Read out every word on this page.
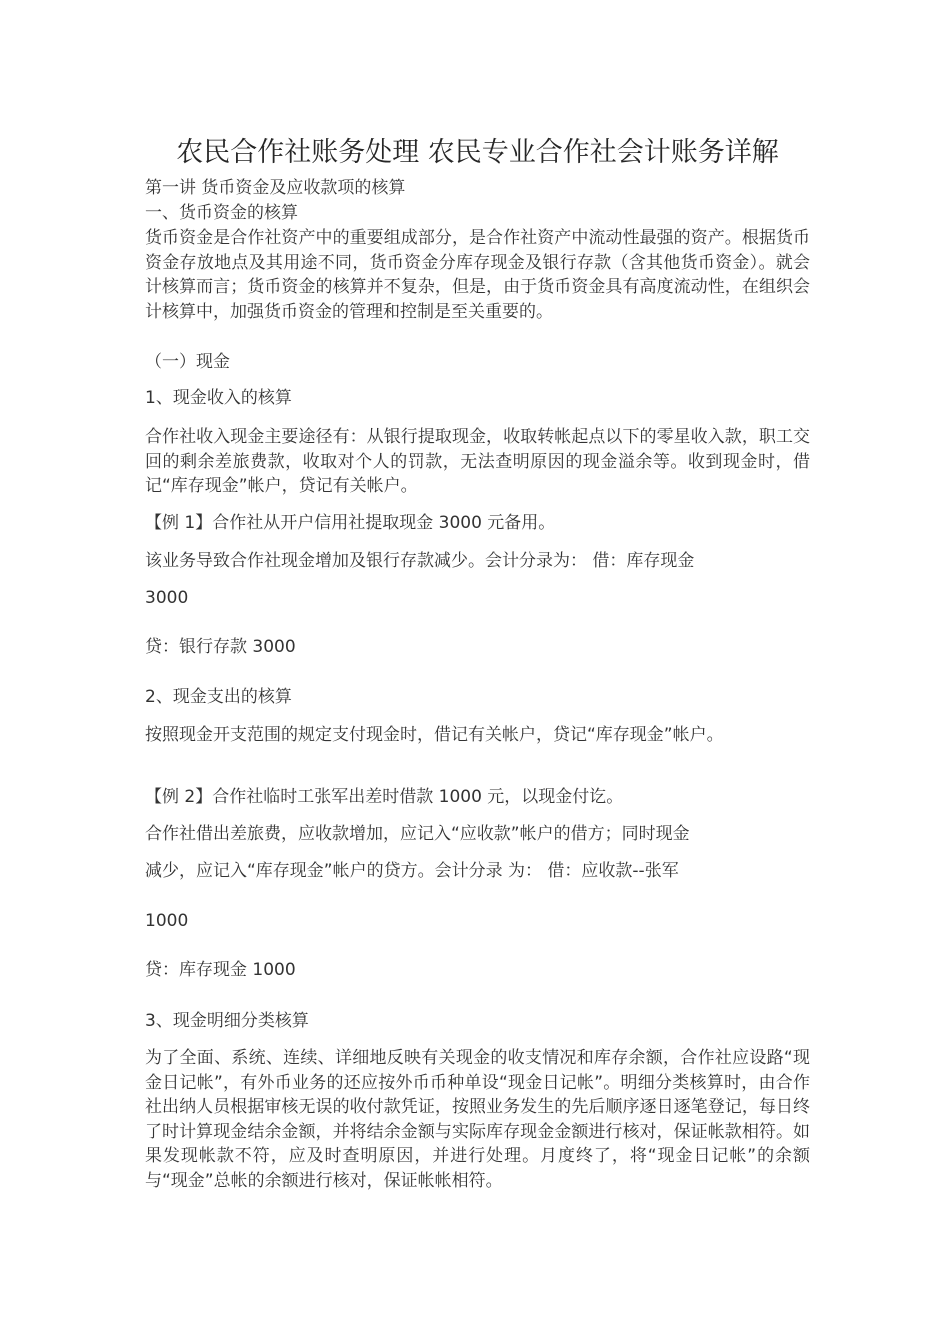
农民合作社账务处理 农民专业合作社会计账务详解
第一讲 货币资金及应收款项的核算
一、货币资金的核算
货币资金是合作社资产中的重要组成部分，是合作社资产中流动性最强的资产。根据货币资金存放地点及其用途不同，货币资金分库存现金及银行存款（含其他货币资金）。就会计核算而言；货币资金的核算并不复杂，但是，由于货币资金具有高度流动性，在组织会计核算中，加强货币资金的管理和控制是至关重要的。
（一）现金
1、现金收入的核算
合作社收入现金主要途径有：从银行提取现金，收取转帐起点以下的零星收入款，职工交回的剩余差旅费款，收取对个人的罚款，无法查明原因的现金溢余等。收到现金时，借记“库存现金”帐户，贷记有关帐户。
【例 1】合作社从开户信用社提取现金 3000 元备用。
该业务导致合作社现金增加及银行存款减少。会计分录为： 借：库存现金
3000
贷：银行存款 3000
2、现金支出的核算
按照现金开支范围的规定支付现金时，借记有关帐户，贷记“库存现金”帐户。
【例 2】合作社临时工张军出差时借款 1000 元，以现金付讫。
合作社借出差旅费，应收款增加，应记入“应收款”帐户的借方；同时现金
减少，应记入“库存现金”帐户的贷方。会计分录 为： 借：应收款--张军
1000
贷：库存现金 1000
3、现金明细分类核算
为了全面、系统、连续、详细地反映有关现金的收支情况和库存余额，合作社应设路“现金日记帐”，有外币业务的还应按外币币种单设“现金日记帐”。明细分类核算时，由合作社出纳人员根据审核无误的收付款凭证，按照业务发生的先后顺序逐日逐笔登记，每日终了时计算现金结余金额，并将结余金额与实际库存现金金额进行核对，保证帐款相符。如果发现帐款不符，应及时查明原因，并进行处理。月度终了，将“现金日记帐”的余额与“现金”总帐的余额进行核对，保证帐帐相符。
